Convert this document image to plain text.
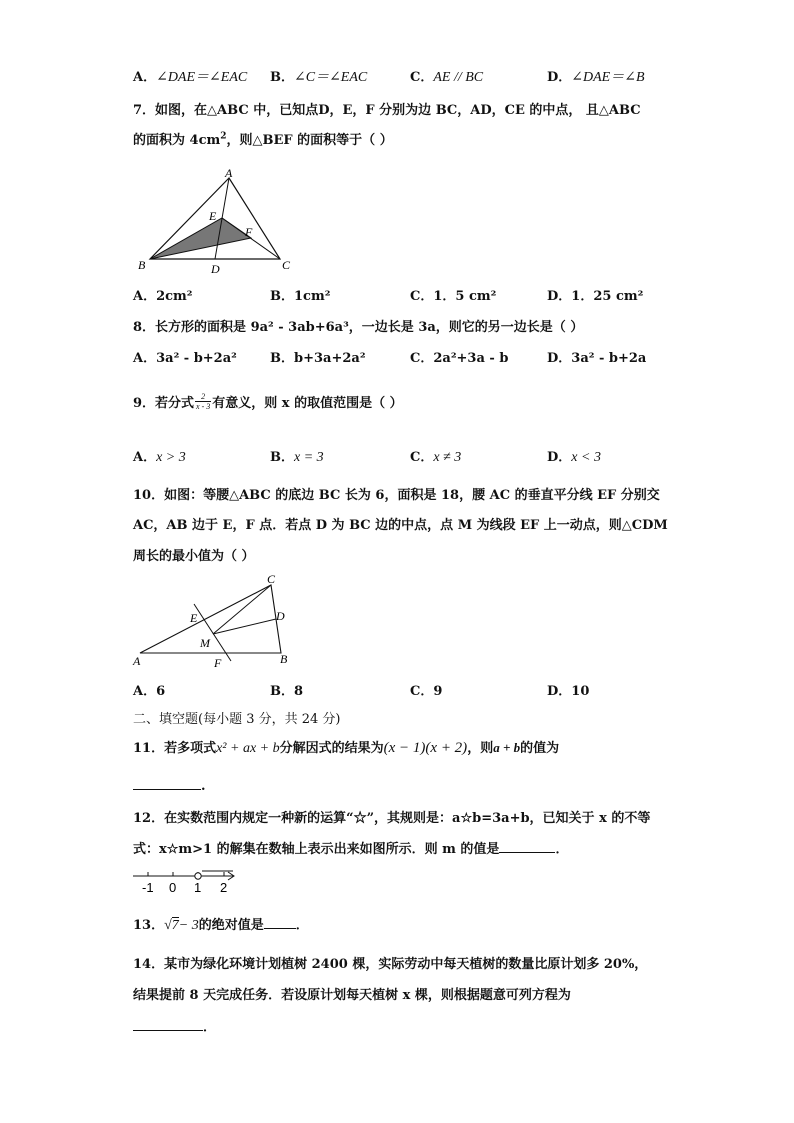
A．∠DAE＝∠EAC B．∠C＝∠EAC	C．AE // BC	D．∠DAE＝∠B
7．如图，在△ABC 中，已知点D，E，F 分别为边 BC，AD，CE 的中点， 且△ABC
的面积为 $4cm^2$，则△BEF 的面积等于（ ）
A
B	C
D
E
F
A．2cm²	B．1cm²	C．1．5 cm²	D．1．25 cm²
8．长方形的面积是 9a² - 3ab+6a³，一边长是 3a，则它的另一边长是（ ）
A．3a² - b+2a²	B．b+3a+2a²	C．2a²+3a - b	D．3a² - b+2a
9．若分式 $\frac{2}{x - 3}$ 有意义，则 x 的取值范围是（ ）
A．x > 3	B．x = 3	C．x ≠ 3	D．x < 3
10．如图：等腰△ABC 的底边 BC 长为 6，面积是 18，腰 AC 的垂直平分线 EF 分别交
AC，AB 边于 E，F 点．若点 D 为 BC 边的中点，点 M 为线段 EF 上一动点，则△CDM
周长的最小值为（ ）
C
D
E
M
A	F	B
A．6	B．8	C．9	D．10
二、填空题(每小题 3 分，共 24 分)
11．若多项式x² + ax + b分解因式的结果为(x − 1)(x + 2)，则a + b的值为
.
12．在实数范围内规定一种新的运算“☆”，其规则是：a☆b=3a+b，已知关于 x 的不等
式：x☆m>1 的解集在数轴上表示出来如图所示．则 m 的值是	．
-1 0 1 2
13．√7− 3的绝对值是 ．
14．某市为绿化环境计划植树 2400 棵，实际劳动中每天植树的数量比原计划多 20%，
结果提前 8 天完成任务．若设原计划每天植树 x 棵，则根据题意可列方程为
．
